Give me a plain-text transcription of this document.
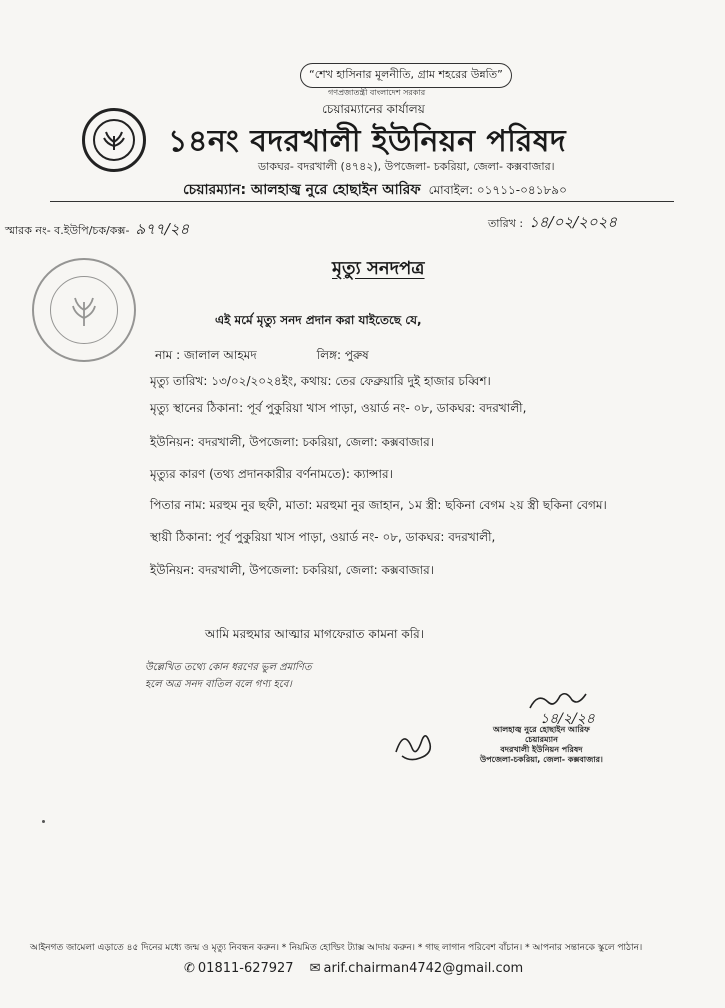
“শেখ হাসিনার মূলনীতি, গ্রাম শহরের উন্নতি”
গণপ্রজাতন্ত্রী বাংলাদেশ সরকার
চেয়ারম্যানের কার্যালয়
১৪নং বদরখালী ইউনিয়ন পরিষদ
ডাকঘর- বদরখালী (৪৭৪২), উপজেলা- চকরিয়া, জেলা- কক্সবাজার।
চেয়ারম্যান: আলহাজ্ব নুরে হোছাইন আরিফ মোবাইল: ০১৭১১-০৪১৮৯০
স্মারক নং- ব.ইউপি/চক/কক্স- ৯৭৭/২৪	তারিখ : ১৪/০২/২০২৪
মৃত্যু সনদপত্র
এই মর্মে মৃত্যু সনদ প্রদান করা যাইতেছে যে,
নাম : জালাল আহমদ	লিঙ্গ: পুরুষ
মৃত্যু তারিখ: ১৩/০২/২০২৪ইং, কথায়: তের ফেব্রুয়ারি দুই হাজার চব্বিশ।
মৃত্যু স্থানের ঠিকানা: পূর্ব পুকুরিয়া খাস পাড়া, ওয়ার্ড নং- ০৮, ডাকঘর: বদরখালী,
ইউনিয়ন: বদরখালী, উপজেলা: চকরিয়া, জেলা: কক্সবাজার।
মৃত্যুর কারণ (তথ্য প্রদানকারীর বর্ণনামতে): ক্যান্সার।
পিতার নাম: মরহুম নুর ছফী, মাতা: মরহুমা নুর জাহান, ১ম স্ত্রী: ছকিনা বেগম ২য় স্ত্রী ছকিনা বেগম।
স্থায়ী ঠিকানা: পূর্ব পুকুরিয়া খাস পাড়া, ওয়ার্ড নং- ০৮, ডাকঘর: বদরখালী,
ইউনিয়ন: বদরখালী, উপজেলা: চকরিয়া, জেলা: কক্সবাজার।
আমি মরহুমার আত্মার মাগফেরাত কামনা করি।
উল্লেখিত তথ্যে কোন ধরণের ভুল প্রমাণিত
হলে অত্র সনদ বাতিল বলে গণ্য হবে।
১৪/২/২৪
আলহাজ্ব নুরে হোছাইন আরিফ
চেয়ারম্যান
বদরখালী ইউনিয়ন পরিষদ
উপজেলা-চকরিয়া, জেলা- কক্সবাজার।
আইনগত জামেলা এড়াতে ৪৫ দিনের মধ্যে জন্ম ও মৃত্যু নিবন্ধন করুন। * নিয়মিত হোল্ডিং ট্যাক্স আদায় করুন। * গাছ লাগান পরিবেশ বাঁচান। * আপনার সন্তানকে স্কুলে পাঠান।
✆ 01811-627927 ✉ arif.chairman4742@gmail.com
